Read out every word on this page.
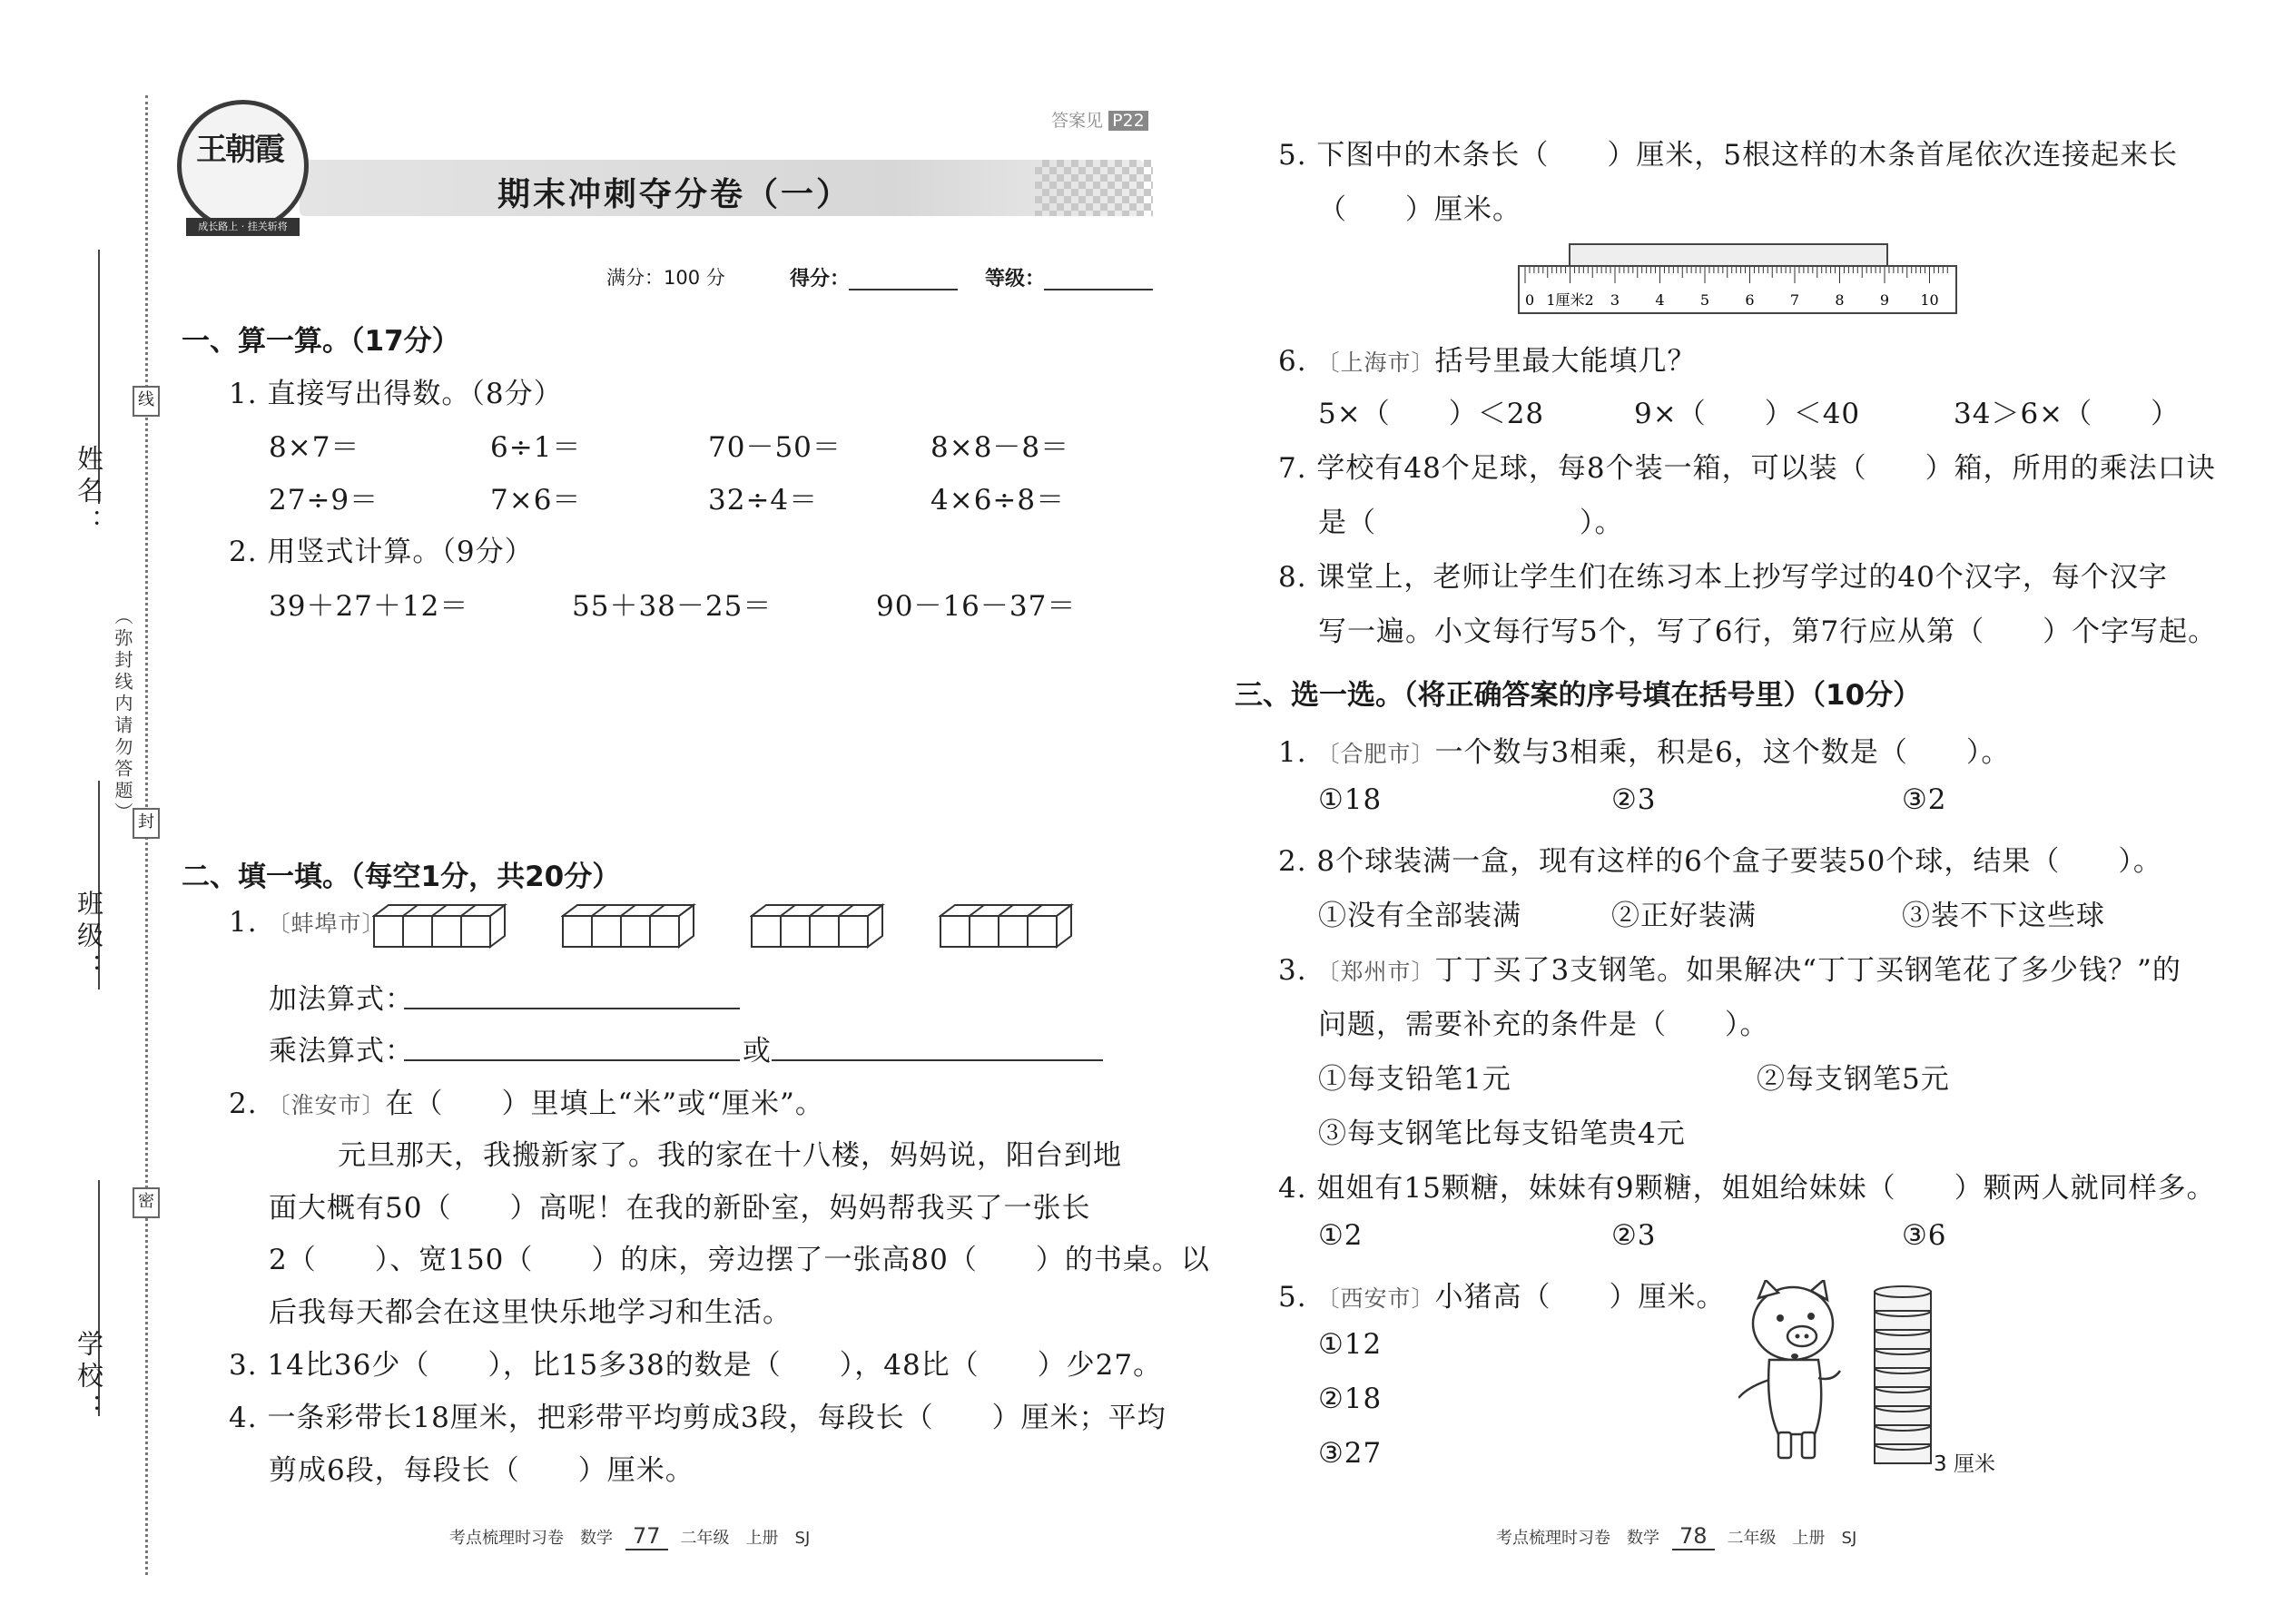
姓名：
班级：
学校：
线
封
密
（弥封线内请勿答题）
王朝霞
成长路上 · 挂关斩将
答案见 P22
期末冲刺夺分卷（一）
满分：100 分	得分：	等级：
一、算一算。（17分）
1. 直接写出得数。（8分）
8×7＝	6÷1＝	70－50＝	8×8－8＝
27÷9＝	7×6＝	32÷4＝	4×6÷8＝
2. 用竖式计算。（9分）
39＋27＋12＝	55＋38－25＝	90－16－37＝
二、填一填。（每空1分，共20分）
1. 〔蚌埠市〕
加法算式：
乘法算式：	或
2. 〔淮安市〕在（　　）里填上“米”或“厘米”。
元旦那天，我搬新家了。我的家在十八楼，妈妈说，阳台到地
面大概有50（　　）高呢！在我的新卧室，妈妈帮我买了一张长
2（　　）、宽150（　　）的床，旁边摆了一张高80（　　）的书桌。以
后我每天都会在这里快乐地学习和生活。
3. 14比36少（　　），比15多38的数是（　　），48比（　　）少27。
4. 一条彩带长18厘米，把彩带平均剪成3段，每段长（　　）厘米；平均
剪成6段，每段长（　　）厘米。
5. 下图中的木条长（　　）厘米，5根这样的木条首尾依次连接起来长
（　　）厘米。
0 1厘米2 3 4 5 6 7 8 9 10
6. 〔上海市〕括号里最大能填几？
5×（　　）＜28	9×（　　）＜40	34＞6×（　　）
7. 学校有48个足球，每8个装一箱，可以装（　　）箱，所用的乘法口诀
是（　　　　　　　）。
8. 课堂上，老师让学生们在练习本上抄写学过的40个汉字，每个汉字
写一遍。小文每行写5个，写了6行，第7行应从第（　　）个字写起。
三、选一选。（将正确答案的序号填在括号里）（10分）
1. 〔合肥市〕一个数与3相乘，积是6，这个数是（　　）。
①18	②3	③2
2. 8个球装满一盒，现有这样的6个盒子要装50个球，结果（　　）。
①没有全部装满	②正好装满	③装不下这些球
3. 〔郑州市〕丁丁买了3支钢笔。如果解决“丁丁买钢笔花了多少钱？”的
问题，需要补充的条件是（　　）。
①每支铅笔1元	②每支钢笔5元
③每支钢笔比每支铅笔贵4元
4. 姐姐有15颗糖，妹妹有9颗糖，姐姐给妹妹（　　）颗两人就同样多。
①2	②3	③6
5. 〔西安市〕小猪高（　　）厘米。
①12
②18
③27	3 厘米
考点梳理时习卷　数学 77 二年级　上册　SJ	考点梳理时习卷　数学 78 二年级　上册　SJ
